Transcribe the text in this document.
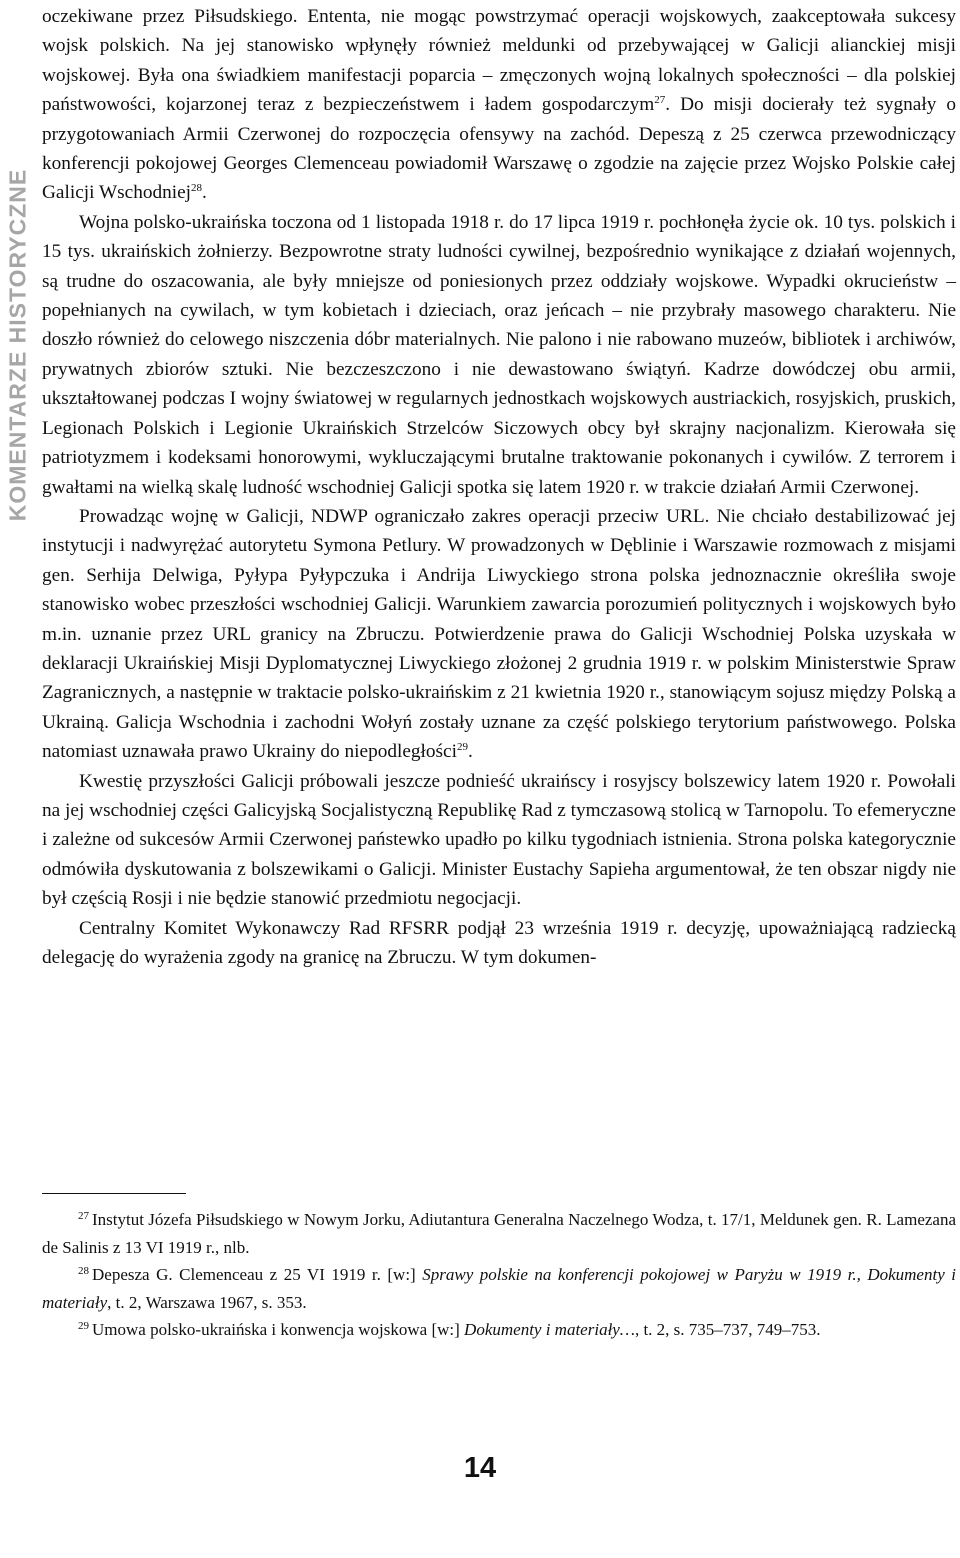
KOMENTARZE HISTORYCZNE

oczekiwane przez Piłsudskiego. Ententa, nie mogąc powstrzymać operacji wojskowych, zaakceptowała sukcesy wojsk polskich. Na jej stanowisko wpłynęły również meldunki od przebywającej w Galicji alianckiej misji wojskowej. Była ona świadkiem manifestacji poparcia – zmęczonych wojną lokalnych społeczności – dla polskiej państwowości, kojarzonej teraz z bezpieczeństwem i ładem gospodarczym$^{27}$. Do misji docierały też sygnały o przygotowaniach Armii Czerwonej do rozpoczęcia ofensywy na zachód. Depeszą z 25 czerwca przewodniczący konferencji pokojowej Georges Clemenceau powiadomił Warszawę o zgodzie na zajęcie przez Wojsko Polskie całej Galicji Wschodniej$^{28}$.

Wojna polsko-ukraińska toczona od 1 listopada 1918 r. do 17 lipca 1919 r. pochłonęła życie ok. 10 tys. polskich i 15 tys. ukraińskich żołnierzy. Bezpowrotne straty ludności cywilnej, bezpośrednio wynikające z działań wojennych, są trudne do oszacowania, ale były mniejsze od poniesionych przez oddziały wojskowe. Wypadki okrucieństw – popełnianych na cywilach, w tym kobietach i dzieciach, oraz jeńcach – nie przybrały masowego charakteru. Nie doszło również do celowego niszczenia dóbr materialnych. Nie palono i nie rabowano muzeów, bibliotek i archiwów, prywatnych zbiorów sztuki. Nie bezczeszczono i nie dewastowano świątyń. Kadrze dowódczej obu armii, ukształtowanej podczas I wojny światowej w regularnych jednostkach wojskowych austriackich, rosyjskich, pruskich, Legionach Polskich i Legionie Ukraińskich Strzelców Siczowych obcy był skrajny nacjonalizm. Kierowała się patriotyzmem i kodeksami honorowymi, wykluczającymi brutalne traktowanie pokonanych i cywilów. Z terrorem i gwałtami na wielką skalę ludność wschodniej Galicji spotka się latem 1920 r. w trakcie działań Armii Czerwonej.

Prowadząc wojnę w Galicji, NDWP ograniczało zakres operacji przeciw URL. Nie chciało destabilizować jej instytucji i nadwyrężać autorytetu Symona Petlury. W prowadzonych w Dęblinie i Warszawie rozmowach z misjami gen. Serhija Delwiga, Pyłypa Pyłypczuka i Andrija Liwyckiego strona polska jednoznacznie określiła swoje stanowisko wobec przeszłości wschodniej Galicji. Warunkiem zawarcia porozumień politycznych i wojskowych było m.in. uznanie przez URL granicy na Zbruczu. Potwierdzenie prawa do Galicji Wschodniej Polska uzyskała w deklaracji Ukraińskiej Misji Dyplomatycznej Liwyckiego złożonej 2 grudnia 1919 r. w polskim Ministerstwie Spraw Zagranicznych, a następnie w traktacie polsko-ukraińskim z 21 kwietnia 1920 r., stanowiącym sojusz między Polską a Ukrainą. Galicja Wschodnia i zachodni Wołyń zostały uznane za część polskiego terytorium państwowego. Polska natomiast uznawała prawo Ukrainy do niepodległości$^{29}$.

Kwestię przyszłości Galicji próbowali jeszcze podnieść ukraińscy i rosyjscy bolszewicy latem 1920 r. Powołali na jej wschodniej części Galicyjską Socjalistyczną Republikę Rad z tymczasową stolicą w Tarnopolu. To efemeryczne i zależne od sukcesów Armii Czerwonej państewko upadło po kilku tygodniach istnienia. Strona polska kategorycznie odmówiła dyskutowania z bolszewikami o Galicji. Minister Eustachy Sapieha argumentował, że ten obszar nigdy nie był częścią Rosji i nie będzie stanowić przedmiotu negocjacji.

Centralny Komitet Wykonawczy Rad RFSRR podjął 23 września 1919 r. decyzję, upoważniającą radziecką delegację do wyrażenia zgody na granicę na Zbruczu. W tym dokumen-

$^{27}$ Instytut Józefa Piłsudskiego w Nowym Jorku, Adiutantura Generalna Naczelnego Wodza, t. 17/1, Meldunek gen. R. Lamezana de Salinis z 13 VI 1919 r., nlb.

$^{28}$ Depesza G. Clemenceau z 25 VI 1919 r. [w:] Sprawy polskie na konferencji pokojowej w Paryżu w 1919 r., Dokumenty i materiały, t. 2, Warszawa 1967, s. 353.

$^{29}$ Umowa polsko-ukraińska i konwencja wojskowa [w:] Dokumenty i materiały…, t. 2, s. 735–737, 749–753.

14
